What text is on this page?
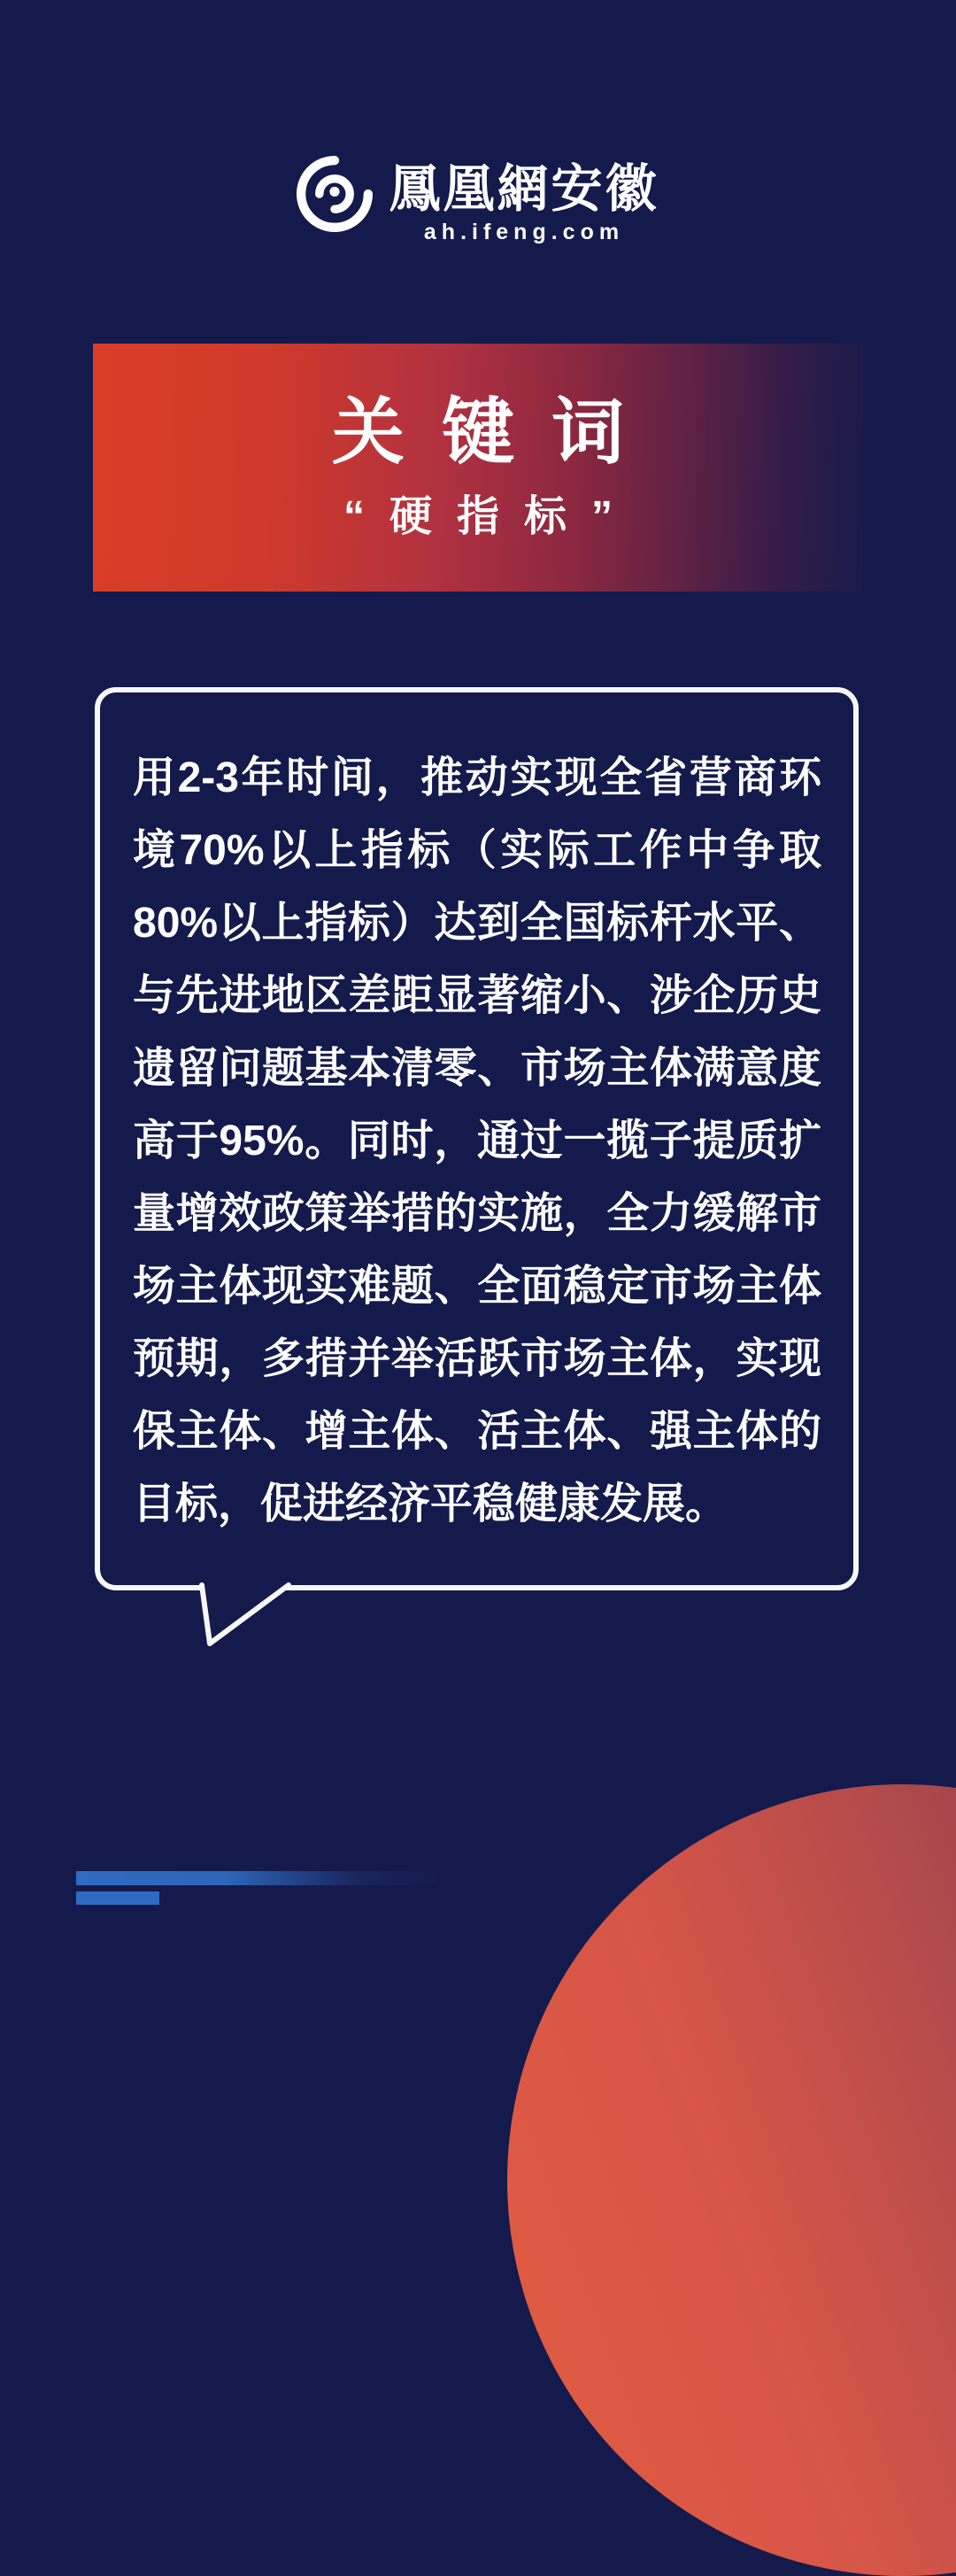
鳳凰網安徽
ah.ifeng.com
关键词
“硬指标”

用2-3年时间，推动实现全省营商环境70%以上指标（实际工作中争取80%以上指标）达到全国标杆水平、与先进地区差距显著缩小、涉企历史遗留问题基本清零、市场主体满意度高于95%。同时，通过一揽子提质扩量增效政策举措的实施，全力缓解市场主体现实难题、全面稳定市场主体预期，多措并举活跃市场主体，实现保主体、增主体、活主体、强主体的目标，促进经济平稳健康发展。
